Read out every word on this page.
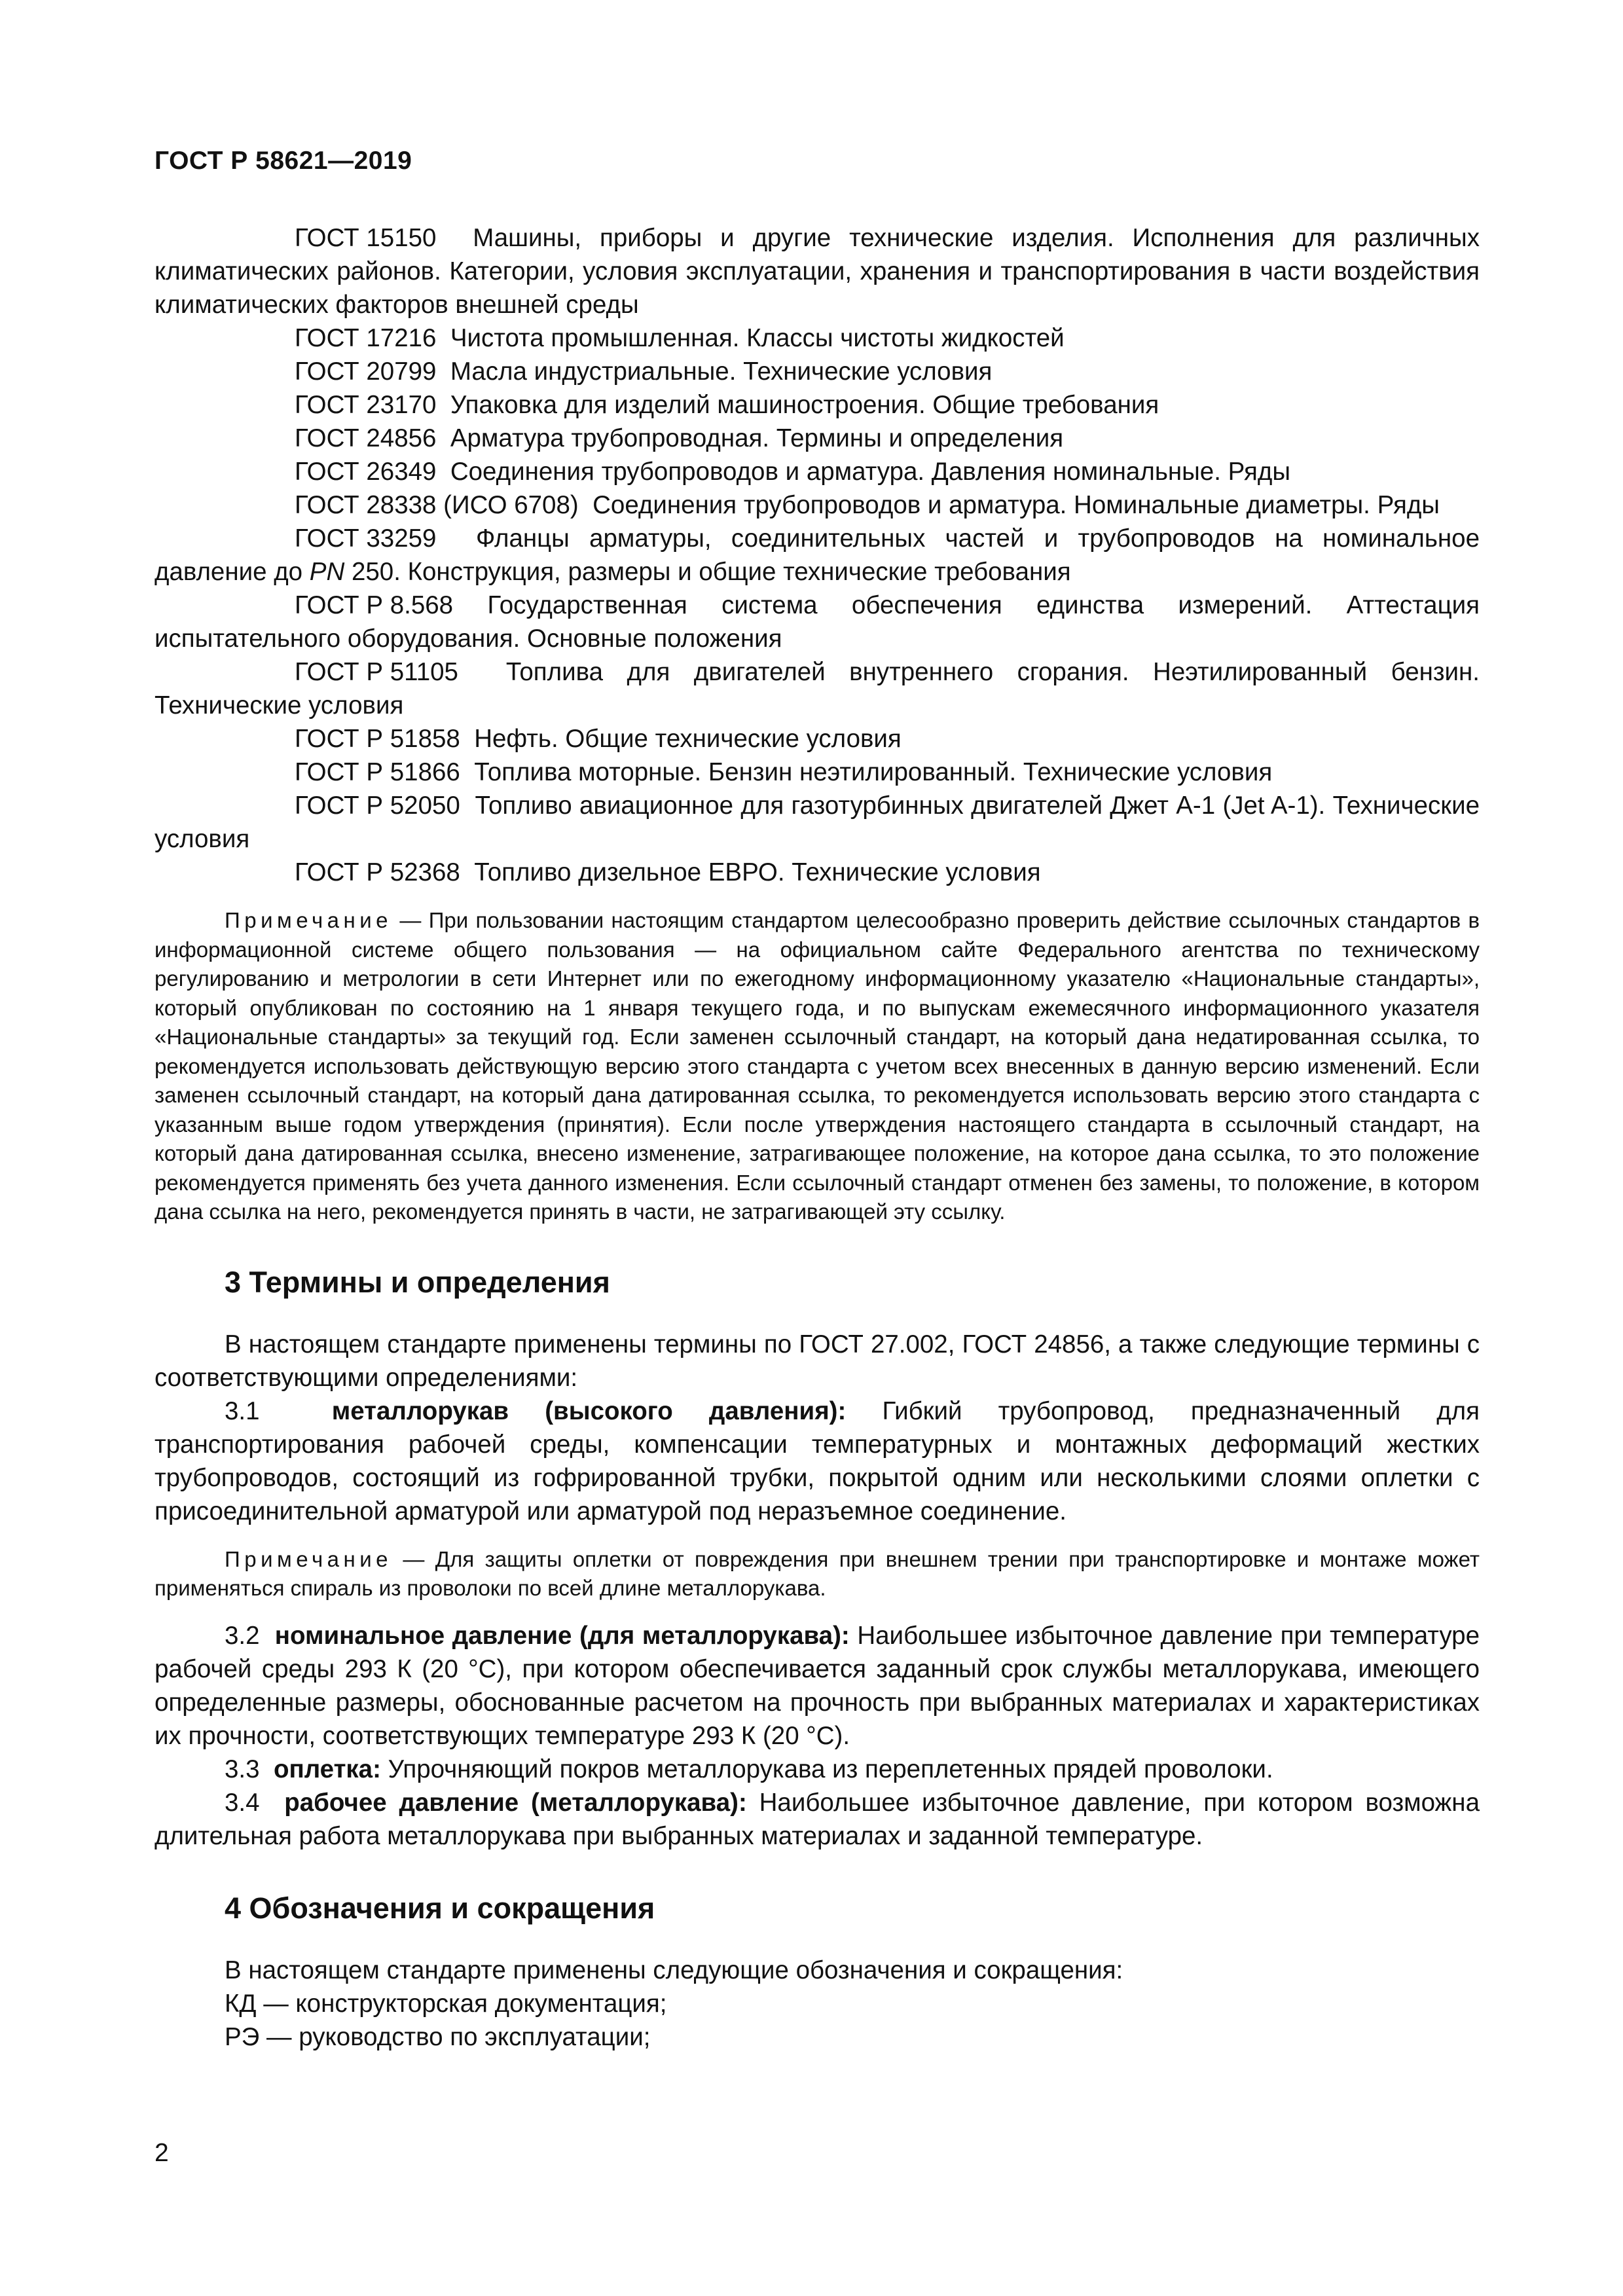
ГОСТ Р 58621—2019

ГОСТ 15150 Машины, приборы и другие технические изделия. Исполнения для различных климатических районов. Категории, условия эксплуатации, хранения и транспортирования в части воздействия климатических факторов внешней среды

ГОСТ 17216 Чистота промышленная. Классы чистоты жидкостей

ГОСТ 20799 Масла индустриальные. Технические условия

ГОСТ 23170 Упаковка для изделий машиностроения. Общие требования

ГОСТ 24856 Арматура трубопроводная. Термины и определения

ГОСТ 26349 Соединения трубопроводов и арматура. Давления номинальные. Ряды

ГОСТ 28338 (ИСО 6708) Соединения трубопроводов и арматура. Номинальные диаметры. Ряды

ГОСТ 33259 Фланцы арматуры, соединительных частей и трубопроводов на номинальное давление до PN 250. Конструкция, размеры и общие технические требования

ГОСТ Р 8.568 Государственная система обеспечения единства измерений. Аттестация испытательного оборудования. Основные положения

ГОСТ Р 51105 Топлива для двигателей внутреннего сгорания. Неэтилированный бензин. Технические условия

ГОСТ Р 51858 Нефть. Общие технические условия

ГОСТ Р 51866 Топлива моторные. Бензин неэтилированный. Технические условия

ГОСТ Р 52050 Топливо авиационное для газотурбинных двигателей Джет А-1 (Jet A-1). Технические условия

ГОСТ Р 52368 Топливо дизельное ЕВРО. Технические условия

Примечание — При пользовании настоящим стандартом целесообразно проверить действие ссылочных стандартов в информационной системе общего пользования — на официальном сайте Федерального агентства по техническому регулированию и метрологии в сети Интернет или по ежегодному информационному указателю «Национальные стандарты», который опубликован по состоянию на 1 января текущего года, и по выпускам ежемесячного информационного указателя «Национальные стандарты» за текущий год. Если заменен ссылочный стандарт, на который дана недатированная ссылка, то рекомендуется использовать действующую версию этого стандарта с учетом всех внесенных в данную версию изменений. Если заменен ссылочный стандарт, на который дана датированная ссылка, то рекомендуется использовать версию этого стандарта с указанным выше годом утверждения (принятия). Если после утверждения настоящего стандарта в ссылочный стандарт, на который дана датированная ссылка, внесено изменение, затрагивающее положение, на которое дана ссылка, то это положение рекомендуется применять без учета данного изменения. Если ссылочный стандарт отменен без замены, то положение, в котором дана ссылка на него, рекомендуется принять в части, не затрагивающей эту ссылку.

3 Термины и определения

В настоящем стандарте применены термины по ГОСТ 27.002, ГОСТ 24856, а также следующие термины с соответствующими определениями:

3.1	металлорукав (высокого давления): Гибкий трубопровод, предназначенный для транспортирования рабочей среды, компенсации температурных и монтажных деформаций жестких трубопроводов, состоящий из гофрированной трубки, покрытой одним или несколькими слоями оплетки с присоединительной арматурой или арматурой под неразъемное соединение.

Примечание — Для защиты оплетки от повреждения при внешнем трении при транспортировке и монтаже может применяться спираль из проволоки по всей длине металлорукава.

3.2 номинальное давление (для металлорукава): Наибольшее избыточное давление при температуре рабочей среды 293 К (20 °С), при котором обеспечивается заданный срок службы металлорукава, имеющего определенные размеры, обоснованные расчетом на прочность при выбранных материалах и характеристиках их прочности, соответствующих температуре 293 К (20 °С).

3.3 оплетка: Упрочняющий покров металлорукава из переплетенных прядей проволоки.

3.4 рабочее давление (металлорукава): Наибольшее избыточное давление, при котором возможна длительная работа металлорукава при выбранных материалах и заданной температуре.

4 Обозначения и сокращения

В настоящем стандарте применены следующие обозначения и сокращения:

КД — конструкторская документация;

РЭ — руководство по эксплуатации;

2
